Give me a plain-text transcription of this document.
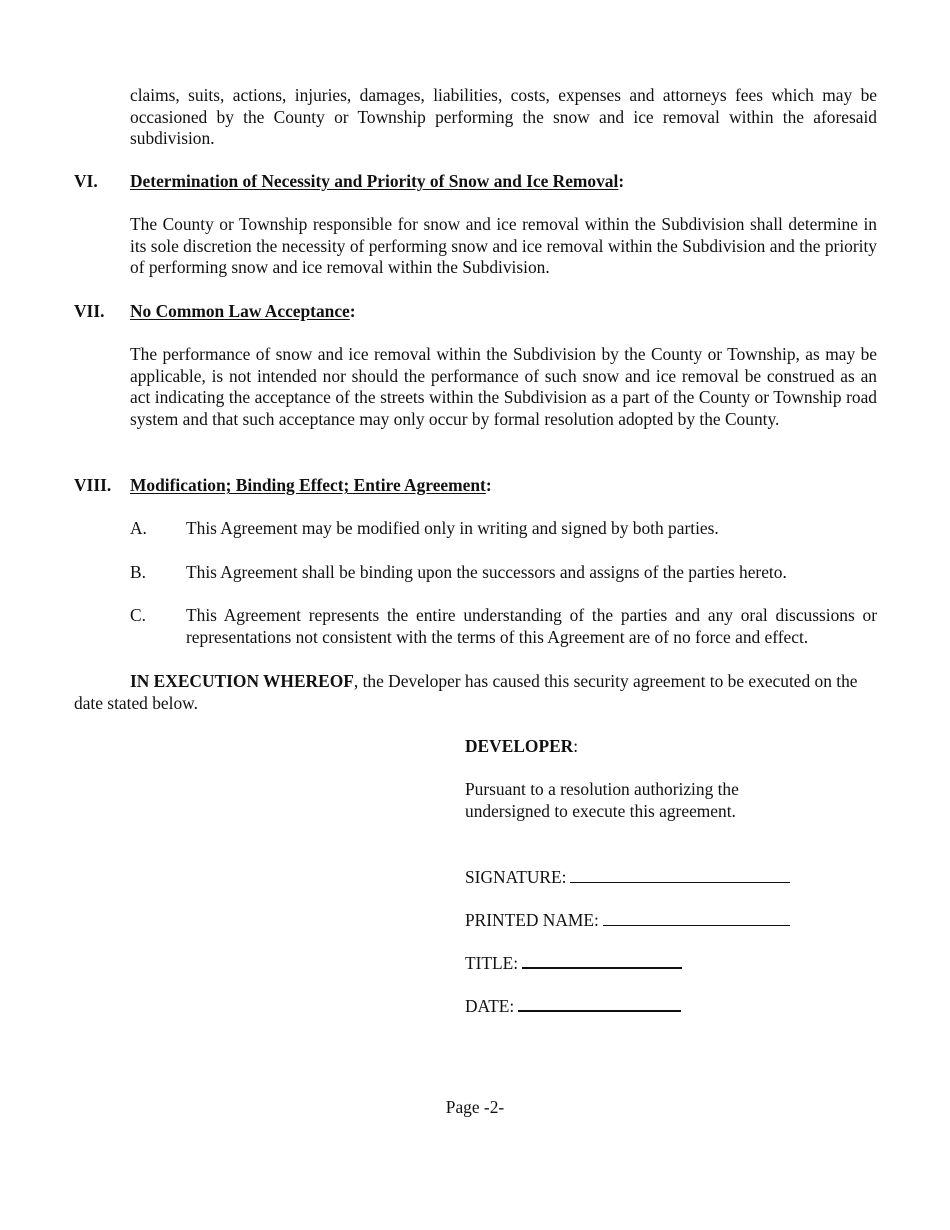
claims, suits, actions, injuries, damages, liabilities, costs, expenses and attorneys fees which may be occasioned by the County or Township performing the snow and ice removal within the aforesaid subdivision.
VI. Determination of Necessity and Priority of Snow and Ice Removal:
The County or Township responsible for snow and ice removal within the Subdivision shall determine in its sole discretion the necessity of performing snow and ice removal within the Subdivision and the priority of performing snow and ice removal within the Subdivision.
VII. No Common Law Acceptance:
The performance of snow and ice removal within the Subdivision by the County or Township, as may be applicable, is not intended nor should the performance of such snow and ice removal be construed as an act indicating the acceptance of the streets within the Subdivision as a part of the County or Township road system and that such acceptance may only occur by formal resolution adopted by the County.
VIII. Modification; Binding Effect; Entire Agreement:
A. This Agreement may be modified only in writing and signed by both parties.
B. This Agreement shall be binding upon the successors and assigns of the parties hereto.
C. This Agreement represents the entire understanding of the parties and any oral discussions or representations not consistent with the terms of this Agreement are of no force and effect.
IN EXECUTION WHEREOF, the Developer has caused this security agreement to be executed on the date stated below.
DEVELOPER:
Pursuant to a resolution authorizing the undersigned to execute this agreement.
SIGNATURE:
PRINTED NAME:
TITLE:
DATE:
Page -2-
